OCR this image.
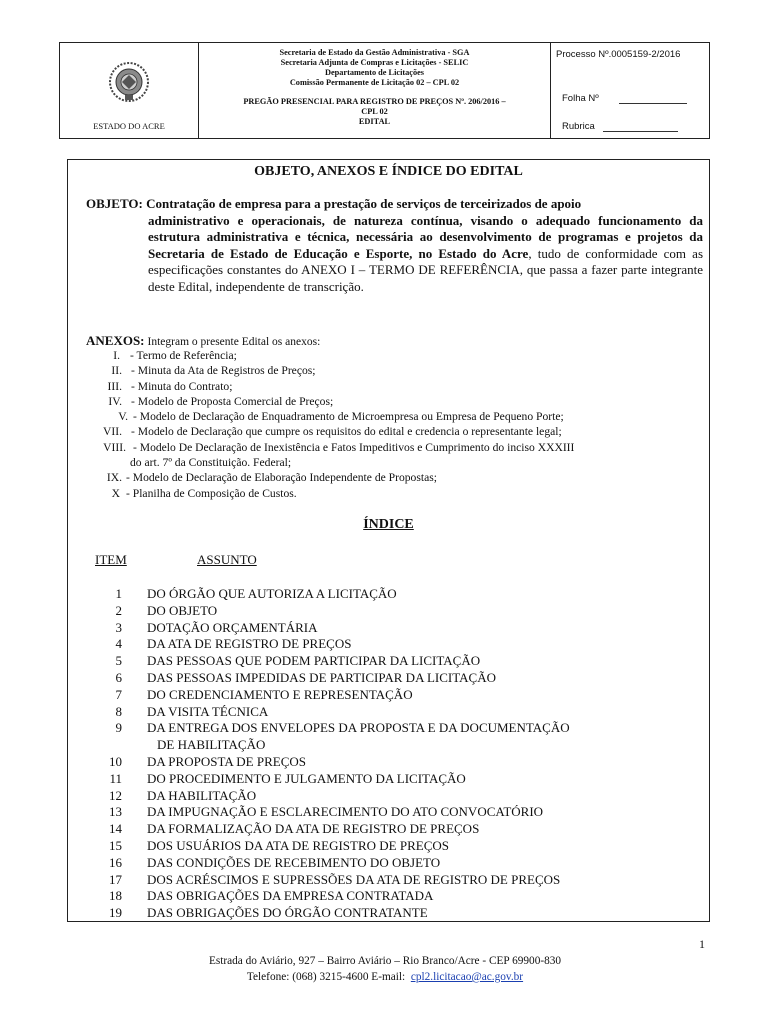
ESTADO DO ACRE
Secretaria de Estado da Gestão Administrativa - SGA
Secretaria Adjunta de Compras e Licitações - SELIC
Departamento de Licitações
Comissão Permanente de Licitação 02 – CPL 02
PREGÃO PRESENCIAL PARA REGISTRO DE PREÇOS Nº. 206/2016 –
CPL 02
EDITAL
Processo Nº.0005159-2/2016
Folha Nº
Rubrica
OBJETO, ANEXOS E ÍNDICE DO EDITAL
OBJETO: Contratação de empresa para a prestação de serviços de terceirizados de apoio
administrativo e operacionais, de natureza contínua, visando o adequado funcionamento da estrutura administrativa e técnica, necessária ao desenvolvimento de programas e projetos da Secretaria de Estado de Educação e Esporte, no Estado do Acre, tudo de conformidade com as especificações constantes do ANEXO I – TERMO DE REFERÊNCIA, que passa a fazer parte integrante deste Edital, independente de transcrição.
ANEXOS: Integram o presente Edital os anexos:
I. - Termo de Referência;
II. - Minuta da Ata de Registros de Preços;
III. - Minuta do Contrato;
IV. - Modelo de Proposta Comercial de Preços;
V. - Modelo de Declaração de Enquadramento de Microempresa ou Empresa de Pequeno Porte;
VII. - Modelo de Declaração que cumpre os requisitos do edital e credencia o representante legal;
VIII. - Modelo De Declaração de Inexistência e Fatos Impeditivos e Cumprimento do inciso XXXIII
do art. 7º da Constituição. Federal;
IX. - Modelo de Declaração de Elaboração Independente de Propostas;
X - Planilha de Composição de Custos.
ÍNDICE
ITEM	ASSUNTO
1 DO ÓRGÃO QUE AUTORIZA A LICITAÇÃO
2 DO OBJETO
3 DOTAÇÃO ORÇAMENTÁRIA
4 DA ATA DE REGISTRO DE PREÇOS
5 DAS PESSOAS QUE PODEM PARTICIPAR DA LICITAÇÃO
6 DAS PESSOAS IMPEDIDAS DE PARTICIPAR DA LICITAÇÃO
7 DO CREDENCIAMENTO E REPRESENTAÇÃO
8 DA VISITA TÉCNICA
9 DA ENTREGA DOS ENVELOPES DA PROPOSTA E DA DOCUMENTAÇÃO
DE HABILITAÇÃO
10 DA PROPOSTA DE PREÇOS
11 DO PROCEDIMENTO E JULGAMENTO DA LICITAÇÃO
12 DA HABILITAÇÃO
13 DA IMPUGNAÇÃO E ESCLARECIMENTO DO ATO CONVOCATÓRIO
14 DA FORMALIZAÇÃO DA ATA DE REGISTRO DE PREÇOS
15 DOS USUÁRIOS DA ATA DE REGISTRO DE PREÇOS
16 DAS CONDIÇÕES DE RECEBIMENTO DO OBJETO
17 DOS ACRÉSCIMOS E SUPRESSÕES DA ATA DE REGISTRO DE PREÇOS
18 DAS OBRIGAÇÕES DA EMPRESA CONTRATADA
19 DAS OBRIGAÇÕES DO ÓRGÃO CONTRATANTE
1
Estrada do Aviário, 927 – Bairro Aviário – Rio Branco/Acre - CEP 69900-830
Telefone: (068) 3215-4600 E-mail: cpl2.licitacao@ac.gov.br
